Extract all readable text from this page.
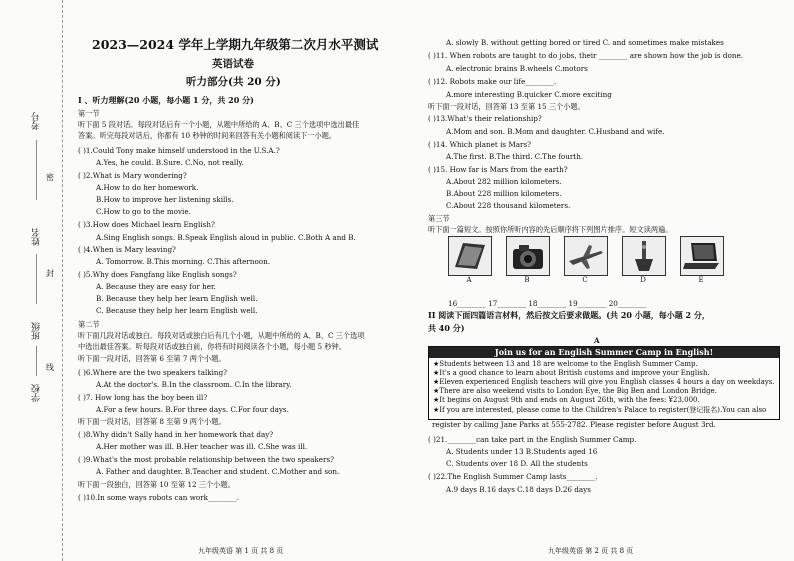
考号
姓名
班级
学校
密
封
线
2023—2024 学年上学期九年级第二次月水平测试
英语试卷
听力部分(共 20 分)
I 、听力理解(20 小题，每小题 1 分，共 20 分)
第一节
听下面 5 段对话。每段对话后有一个小题，从题中所给的 A、B、C 三个选项中选出最佳
答案。听完每段对话后，你都有 10 秒钟的时间来回答有关小题和阅读下一小题。
( )1.Could Tony make himself understood in the U.S.A.?
A.Yes, he could. B.Sure. C.No, not really.
( )2.What is Mary wondering?
A.How to do her homework.
B.How to improve her listening skills.
C.How to go to the movie.
( )3.How does Michael learn English?
A.Sing English songs. B.Speak English aloud in public. C.Both A and B.
( )4.When is Mary leaving?
A. Tomorrow. B.This morning. C.This afternoon.
( )5.Why does Fangfang like English songs?
A. Because they are easy for her.
B. Because they help her learn English well.
C. Because they help her learn English well.
第二节
听下面几段对话或独白。每段对话或独白后有几个小题，从题中所给的 A、B、C 三个选项
中选出最佳答案。听每段对话或独白前，你将有时间阅读各个小题，每小题 5 秒钟。
听下面一段对话，回答第 6 至第 7 两个小题。
( )6.Where are the two speakers talking?
A.At the doctor's. B.In the classroom. C.In the library.
( )7. How long has the boy been ill?
A.For a few hours. B.For three days. C.For four days.
听下面一段对话，回答第 8 至第 9 两个小题。
( )8.Why didn't Sally hand in her homework that day?
A.Her mother was ill. B.Her teacher was ill. C.She was ill.
( )9.What's the most probable relationship between the two speakers?
A. Father and daughter. B.Teacher and student. C.Mother and son.
听下面一段独白，回答第 10 至第 12 三个小题。
( )10.In some ways robots can work________.
九年级英语 第 1 页 共 8 页
A. slowly B. without getting bored or tired C. and sometimes make mistakes
( )11. When robots are taught to do jobs, their ________ are shown how the job is done.
A. electronic brains B.wheels C.motors
( )12. Robots make our life________.
A.more interesting B.quicker C.more exciting
听下面一段对话，回答第 13 至第 15 三个小题。
( )13.What's their relationship?
A.Mom and son. B.Mom and daughter. C.Husband and wife.
( )14. Which planet is Mars?
A.The first. B.The third. C.The fourth.
( )15. How far is Mars from the earth?
A.About 282 million kilometers.
B.About 228 million kilometers.
C.About 228 thousand kilometers.
第三节
听下面一篇短文。按照你所听内容的先后顺序将下列图片排序。短文读两遍。
A	B	C	D	E
16________ 17________ 18________ 19________ 20________
II 阅读下面四篇语言材料，然后按文后要求做题。(共 20 小题，每小题 2 分，
共 40 分)
A
Join us for an English Summer Camp in English!
★Students between 13 and 18 are welcome to the English Summer Camp.
★It's a good chance to learn about British customs and improve your English.
★Eleven experienced English teachers will give you English classes 4 hours a day on weekdays.
★There are also weekend visits to London Eye, the Big Ben and London Bridge.
★It begins on August 9th and ends on August 26th, with the fees: ¥23,000.
★If you are interested, please come to the Children's Palace to register(登记报名).You can also
register by calling Jane Parks at 555-2782. Please register before August 3rd.
( )21.________can take part in the English Summer Camp.
A. Students under 13 B.Students aged 16
C. Students over 18 D. All the students
( )22.The English Summer Camp lasts________.
A.9 days B.16 days C.18 days D.26 days
九年级英语 第 2 页 共 8 页
